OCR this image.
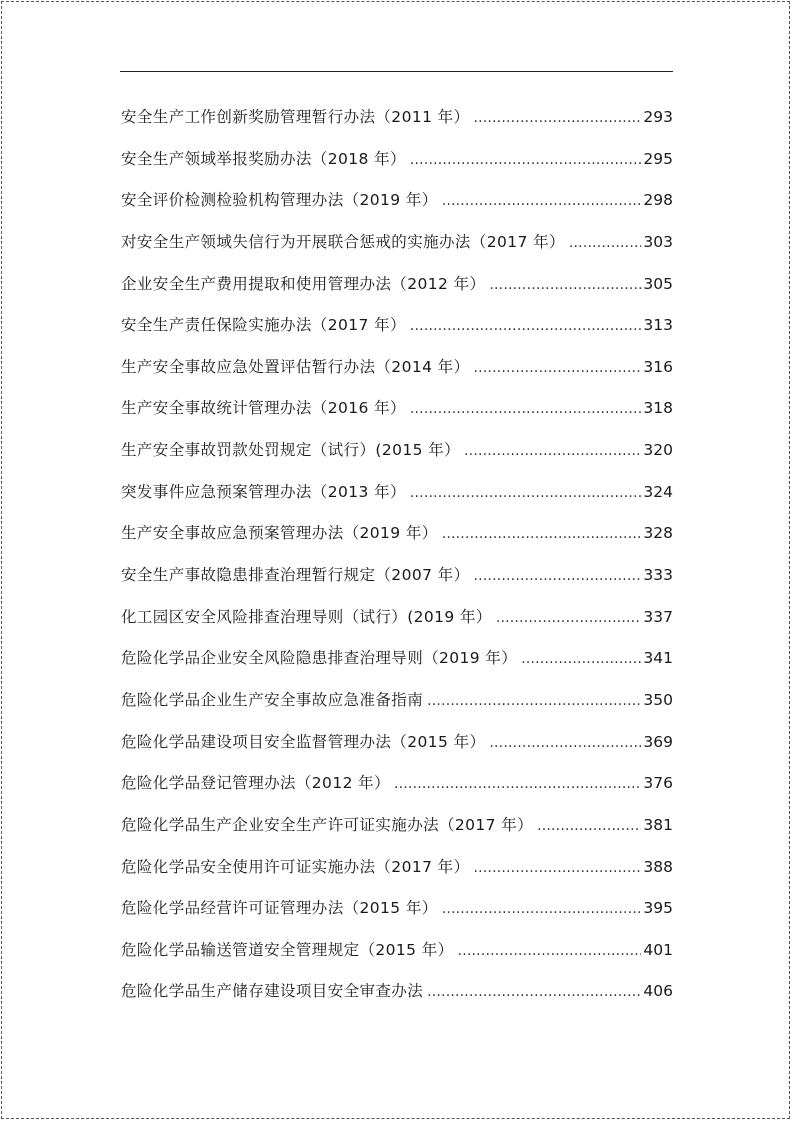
安全生产工作创新奖励管理暂行办法（2011 年） .....	293
安全生产领域举报奖励办法（2018 年） .....	295
安全评价检测检验机构管理办法（2019 年） .....	298
对安全生产领域失信行为开展联合惩戒的实施办法（2017 年） .....	303
企业安全生产费用提取和使用管理办法（2012 年） .....	305
安全生产责任保险实施办法（2017 年） .....	313
生产安全事故应急处置评估暂行办法（2014 年） .....	316
生产安全事故统计管理办法（2016 年） .....	318
生产安全事故罚款处罚规定（试行）(2015 年） .....	320
突发事件应急预案管理办法（2013 年） .....	324
生产安全事故应急预案管理办法（2019 年） .....	328
安全生产事故隐患排查治理暂行规定（2007 年） .....	333
化工园区安全风险排查治理导则（试行）(2019 年） .....	337
危险化学品企业安全风险隐患排查治理导则（2019 年） .....	341
危险化学品企业生产安全事故应急准备指南 .....	350
危险化学品建设项目安全监督管理办法（2015 年） .....	369
危险化学品登记管理办法（2012 年） .....	376
危险化学品生产企业安全生产许可证实施办法（2017 年） .....	381
危险化学品安全使用许可证实施办法（2017 年） .....	388
危险化学品经营许可证管理办法（2015 年） .....	395
危险化学品输送管道安全管理规定（2015 年） .....	401
危险化学品生产储存建设项目安全审查办法 .....	406
